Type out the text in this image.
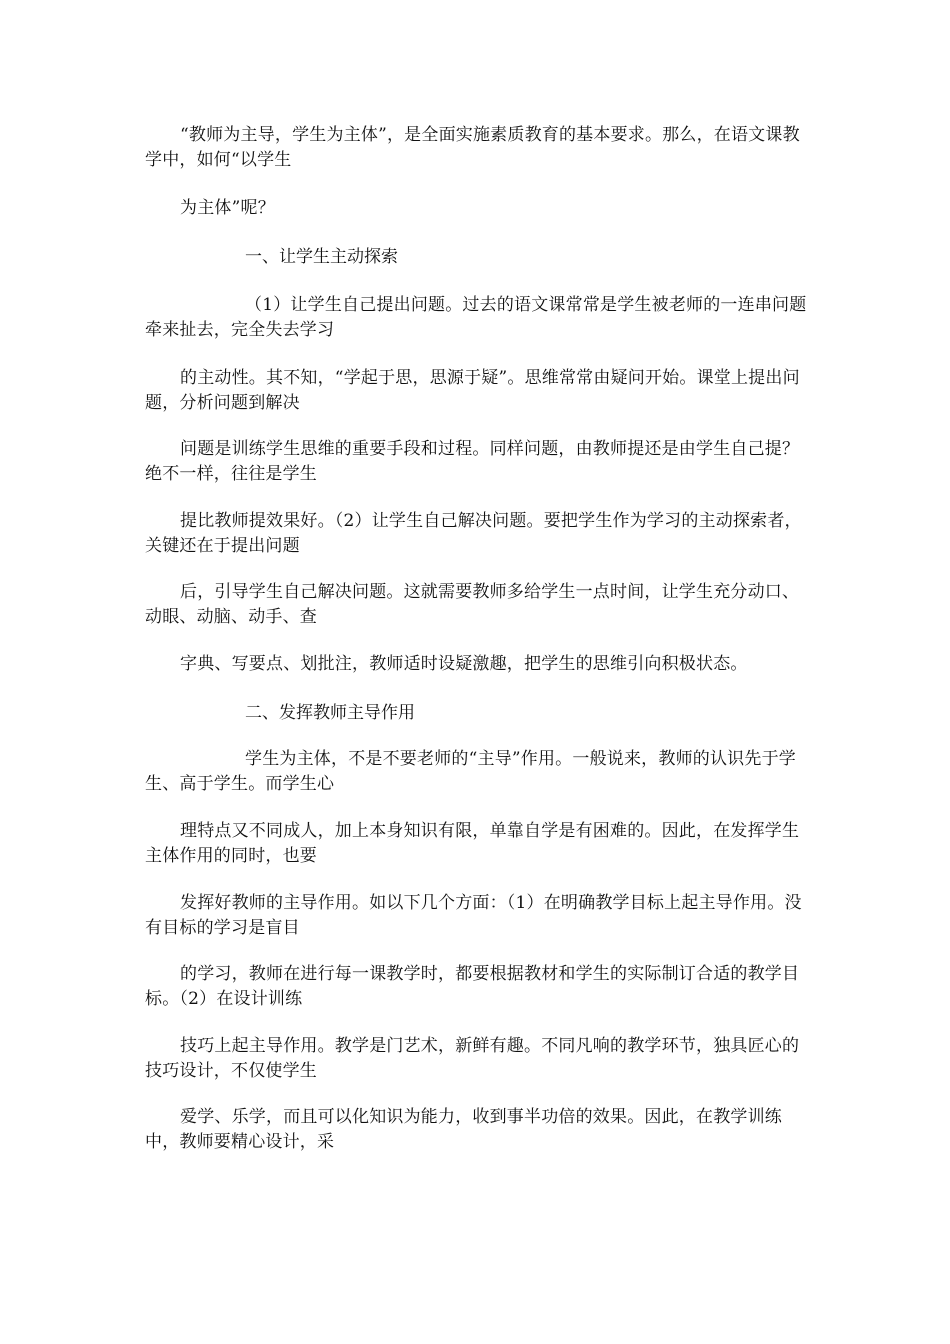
“教师为主导，学生为主体”，是全面实施素质教育的基本要求。那么，在语文课教学中，如何“以学生

为主体”呢？

一、让学生主动探索

（1）让学生自己提出问题。过去的语文课常常是学生被老师的一连串问题牵来扯去，完全失去学习

的主动性。其不知，“学起于思，思源于疑”。思维常常由疑问开始。课堂上提出问题，分析问题到解决

问题是训练学生思维的重要手段和过程。同样问题，由教师提还是由学生自己提？绝不一样，往往是学生

提比教师提效果好。（2）让学生自己解决问题。要把学生作为学习的主动探索者，关键还在于提出问题

后，引导学生自己解决问题。这就需要教师多给学生一点时间，让学生充分动口、动眼、动脑、动手、查

字典、写要点、划批注，教师适时设疑激趣，把学生的思维引向积极状态。

二、发挥教师主导作用

学生为主体，不是不要老师的“主导”作用。一般说来，教师的认识先于学生、高于学生。而学生心

理特点又不同成人，加上本身知识有限，单靠自学是有困难的。因此，在发挥学生主体作用的同时，也要

发挥好教师的主导作用。如以下几个方面：（1）在明确教学目标上起主导作用。没有目标的学习是盲目

的学习，教师在进行每一课教学时，都要根据教材和学生的实际制订合适的教学目标。（2）在设计训练

技巧上起主导作用。教学是门艺术，新鲜有趣。不同凡响的教学环节，独具匠心的技巧设计，不仅使学生

爱学、乐学，而且可以化知识为能力，收到事半功倍的效果。因此，在教学训练中，教师要精心设计，采
